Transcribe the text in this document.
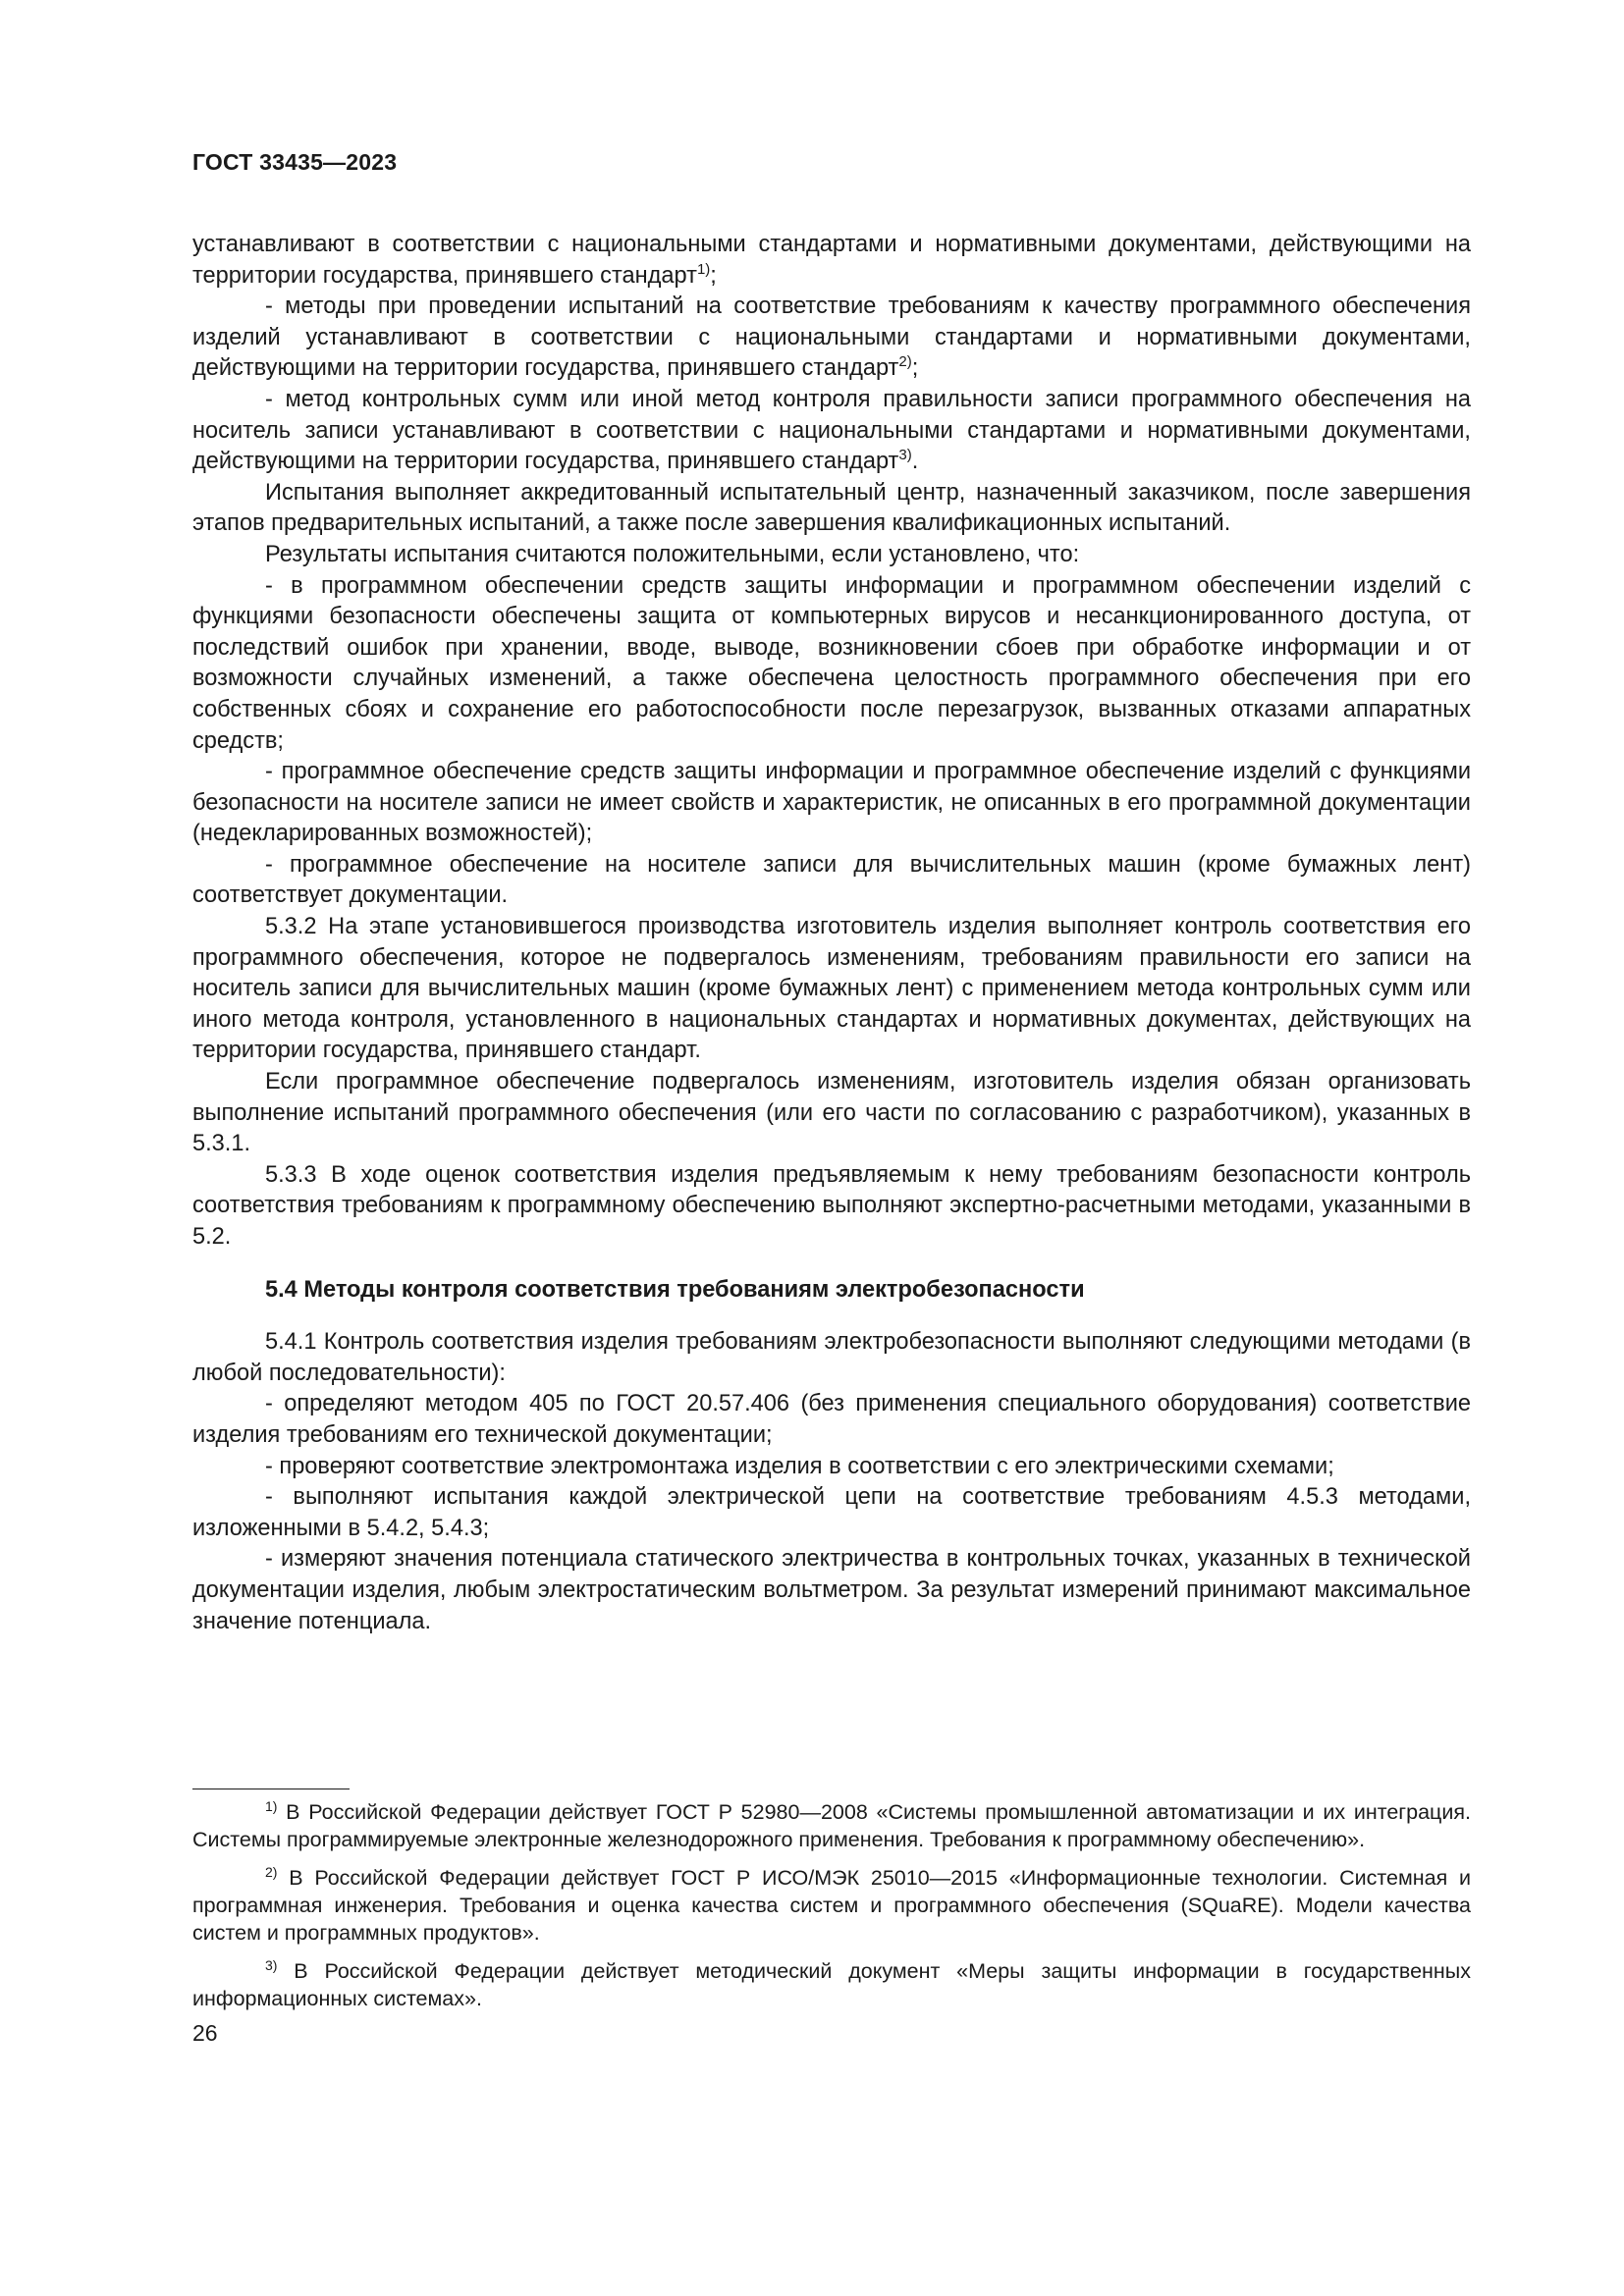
ГОСТ 33435—2023

устанавливают в соответствии с национальными стандартами и нормативными документами, действующими на территории государства, принявшего стандарт$^{1)}$;

- методы при проведении испытаний на соответствие требованиям к качеству программного обеспечения изделий устанавливают в соответствии с национальными стандартами и нормативными документами, действующими на территории государства, принявшего стандарт$^{2)}$;

- метод контрольных сумм или иной метод контроля правильности записи программного обеспечения на носитель записи устанавливают в соответствии с национальными стандартами и нормативными документами, действующими на территории государства, принявшего стандарт$^{3)}$.

Испытания выполняет аккредитованный испытательный центр, назначенный заказчиком, после завершения этапов предварительных испытаний, а также после завершения квалификационных испытаний.

Результаты испытания считаются положительными, если установлено, что:

- в программном обеспечении средств защиты информации и программном обеспечении изделий с функциями безопасности обеспечены защита от компьютерных вирусов и несанкционированного доступа, от последствий ошибок при хранении, вводе, выводе, возникновении сбоев при обработке информации и от возможности случайных изменений, а также обеспечена целостность программного обеспечения при его собственных сбоях и сохранение его работоспособности после перезагрузок, вызванных отказами аппаратных средств;

- программное обеспечение средств защиты информации и программное обеспечение изделий с функциями безопасности на носителе записи не имеет свойств и характеристик, не описанных в его программной документации (недекларированных возможностей);

- программное обеспечение на носителе записи для вычислительных машин (кроме бумажных лент) соответствует документации.

5.3.2 На этапе установившегося производства изготовитель изделия выполняет контроль соответствия его программного обеспечения, которое не подвергалось изменениям, требованиям правильности его записи на носитель записи для вычислительных машин (кроме бумажных лент) с применением метода контрольных сумм или иного метода контроля, установленного в национальных стандартах и нормативных документах, действующих на территории государства, принявшего стандарт.

Если программное обеспечение подвергалось изменениям, изготовитель изделия обязан организовать выполнение испытаний программного обеспечения (или его части по согласованию с разработчиком), указанных в 5.3.1.

5.3.3 В ходе оценок соответствия изделия предъявляемым к нему требованиям безопасности контроль соответствия требованиям к программному обеспечению выполняют экспертно-расчетными методами, указанными в 5.2.

5.4 Методы контроля соответствия требованиям электробезопасности

5.4.1 Контроль соответствия изделия требованиям электробезопасности выполняют следующими методами (в любой последовательности):

- определяют методом 405 по ГОСТ 20.57.406 (без применения специального оборудования) соответствие изделия требованиям его технической документации;

- проверяют соответствие электромонтажа изделия в соответствии с его электрическими схемами;

- выполняют испытания каждой электрической цепи на соответствие требованиям 4.5.3 методами, изложенными в 5.4.2, 5.4.3;

- измеряют значения потенциала статического электричества в контрольных точках, указанных в технической документации изделия, любым электростатическим вольтметром. За результат измерений принимают максимальное значение потенциала.

$^{1)}$ В Российской Федерации действует ГОСТ Р 52980—2008 «Системы промышленной автоматизации и их интеграция. Системы программируемые электронные железнодорожного применения. Требования к программному обеспечению».

$^{2)}$ В Российской Федерации действует ГОСТ Р ИСО/МЭК 25010—2015 «Информационные технологии. Системная и программная инженерия. Требования и оценка качества систем и программного обеспечения (SQuaRE). Модели качества систем и программных продуктов».

$^{3)}$ В Российской Федерации действует методический документ «Меры защиты информации в государственных информационных системах».

26
